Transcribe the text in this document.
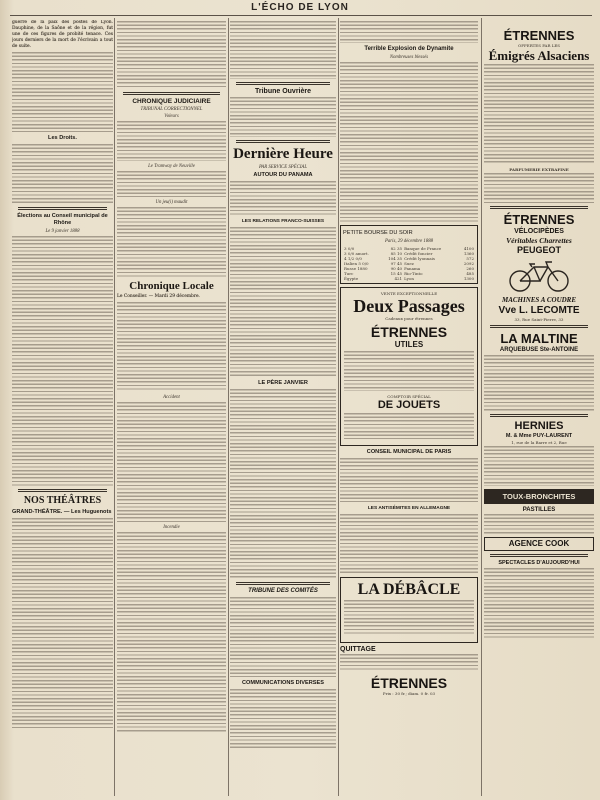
L'ÉCHO DE LYON

guerre de la paix des postes de Lyon. Dauphine, de la Saône et de la région, fut une de ces figures de probité tenace. Ces jours derniers de la mort de l'écrivain a tout de suite.

Les Droits.
Élections au Conseil municipal de Rhône
Le 9 janvier 1888
NOS THÉÂTRES
GRAND-THÉÂTRE. — Les Huguenots
CHRONIQUE JUDICIAIRE
TRIBUNAL CORRECTIONNEL
Voleurs
Le Tramway de Neuville
Un jeu(i) maudit
Chronique Locale

Le Conseiller. — Mardi 29 décembre.

Accident
Incendie
Tribune Ouvrière
Dernière Heure
PAR SERVICE SPÉCIAL
AUTOUR DU PANAMA
LES RELATIONS FRANCO-SUISSES
LE PÈRE JANVIER
TRIBUNE DES COMITÉS
COMMUNICATIONS DIVERSES
Terrible Explosion de Dynamite
Nombreuses blessés
PETITE BOURSE DU SOIR
Paris, 29 décembre 1888
3 0/0	82 35	Banque de France	4100
3 0/0 amort.	85 10	Crédit foncier	1360
4 1/2 0/0	104 35	Crédit lyonnais	572
Italien 5 0/0	97 45	Suez	2092
Russe 1880	90 40	Panama	260
Turc	15 45	Rio-Tinto	485
Égypte	421	Lyon	1300
VENTE EXCEPTIONNELLE
Deux Passages
Cadeaux pour étrennes
ÉTRENNES
UTILES
COMPTOIR SPÉCIAL
DE JOUETS
CONSEIL MUNICIPAL DE PARIS
LES ANTISÉMITES EN ALLEMAGNE
LA DÉBÂCLE
QUITTAGE
ÉTRENNES
Prix : 30 fr.; diam. 0 fr. 03
ÉTRENNES
OFFERTES PAR LES
Émigrés Alsaciens
PARFUMERIE EXTRAFINE
ÉTRENNES
VÉLOCIPÈDES
Véritables Charrettes
PEUGEOT
MACHINES A COUDRE
Vve L. LECOMTE
33, Rue Saint-Pierre, 33
LA MALTINE
ARQUEBUSE Ste-ANTOINE
HERNIES
M. & Mme PUY-LAURENT
1, rue de la Barre et 2, Rue
TOUX-BRONCHITES
PASTILLES
AGENCE COOK
SPECTACLES D'AUJOURD'HUI
